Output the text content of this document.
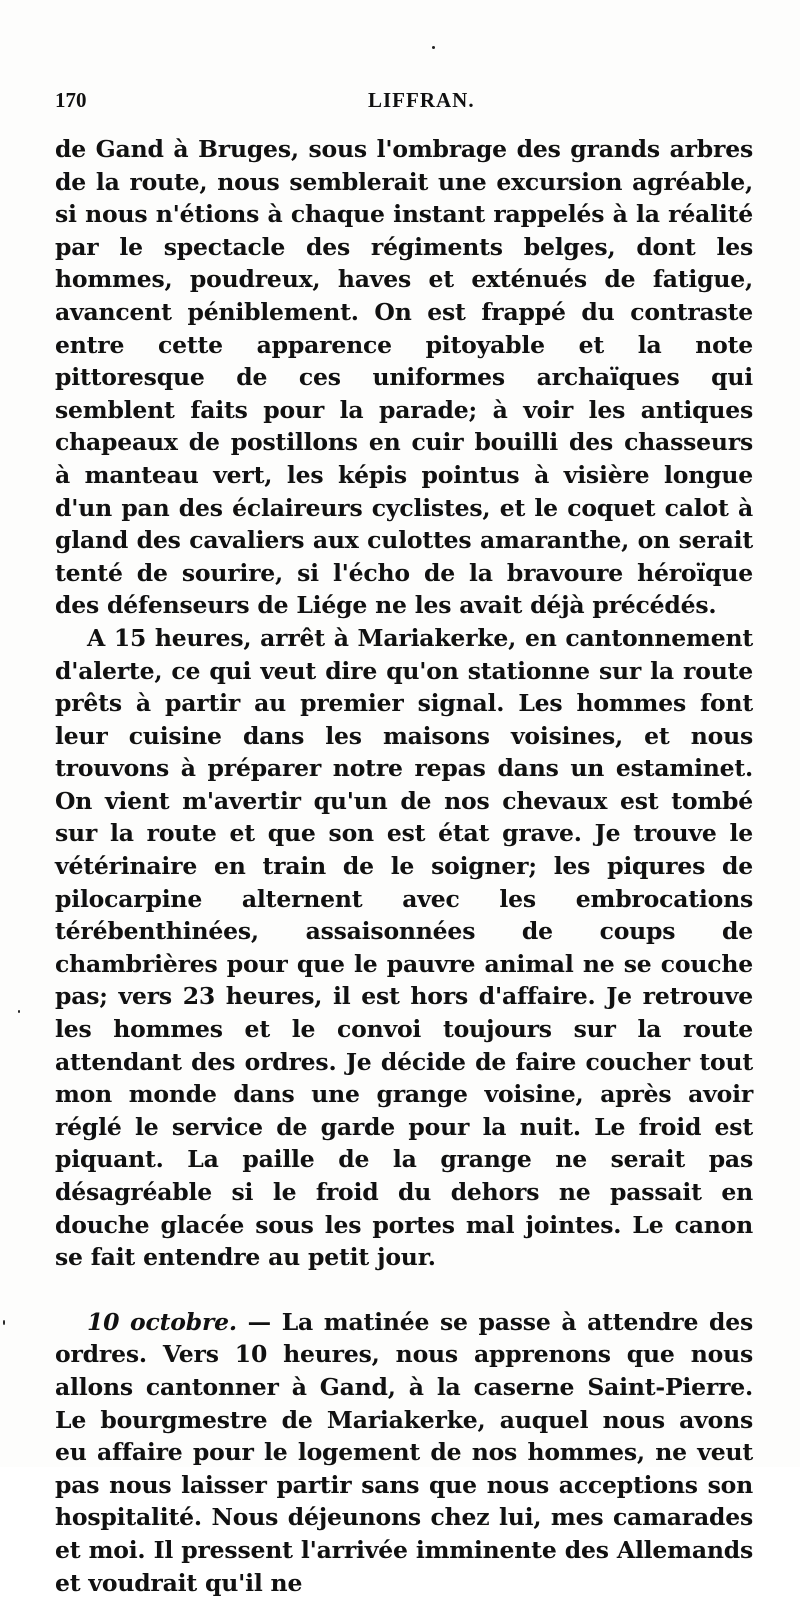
170	LIFFRAN.

de Gand à Bruges, sous l'ombrage des grands arbres de la route, nous semblerait une excursion agréable, si nous n'étions à chaque instant rappelés à la réalité par le spectacle des régiments belges, dont les hommes, poudreux, haves et exténués de fatigue, avancent péniblement. On est frappé du contraste entre cette apparence pitoyable et la note pittoresque de ces uniformes archaïques qui semblent faits pour la parade; à voir les antiques chapeaux de postillons en cuir bouilli des chasseurs à manteau vert, les képis pointus à visière longue d'un pan des éclaireurs cyclistes, et le coquet calot à gland des cavaliers aux culottes amaranthe, on serait tenté de sourire, si l'écho de la bravoure héroïque des défenseurs de Liége ne les avait déjà précédés.

A 15 heures, arrêt à Mariakerke, en cantonnement d'alerte, ce qui veut dire qu'on stationne sur la route prêts à partir au premier signal. Les hommes font leur cuisine dans les maisons voisines, et nous trouvons à préparer notre repas dans un estaminet. On vient m'avertir qu'un de nos chevaux est tombé sur la route et que son est état grave. Je trouve le vétérinaire en train de le soigner; les piqures de pilocarpine alternent avec les embrocations térébenthinées, assaisonnées de coups de chambrières pour que le pauvre animal ne se couche pas; vers 23 heures, il est hors d'affaire. Je retrouve les hommes et le convoi toujours sur la route attendant des ordres. Je décide de faire coucher tout mon monde dans une grange voisine, après avoir réglé le service de garde pour la nuit. Le froid est piquant. La paille de la grange ne serait pas désagréable si le froid du dehors ne passait en douche glacée sous les portes mal jointes. Le canon se fait entendre au petit jour.

10 octobre. — La matinée se passe à attendre des ordres. Vers 10 heures, nous apprenons que nous allons cantonner à Gand, à la caserne Saint-Pierre. Le bourgmestre de Mariakerke, auquel nous avons eu affaire pour le logement de nos hommes, ne veut pas nous laisser partir sans que nous acceptions son hospitalité. Nous déjeunons chez lui, mes camarades et moi. Il pressent l'arrivée imminente des Allemands et voudrait qu'il ne
